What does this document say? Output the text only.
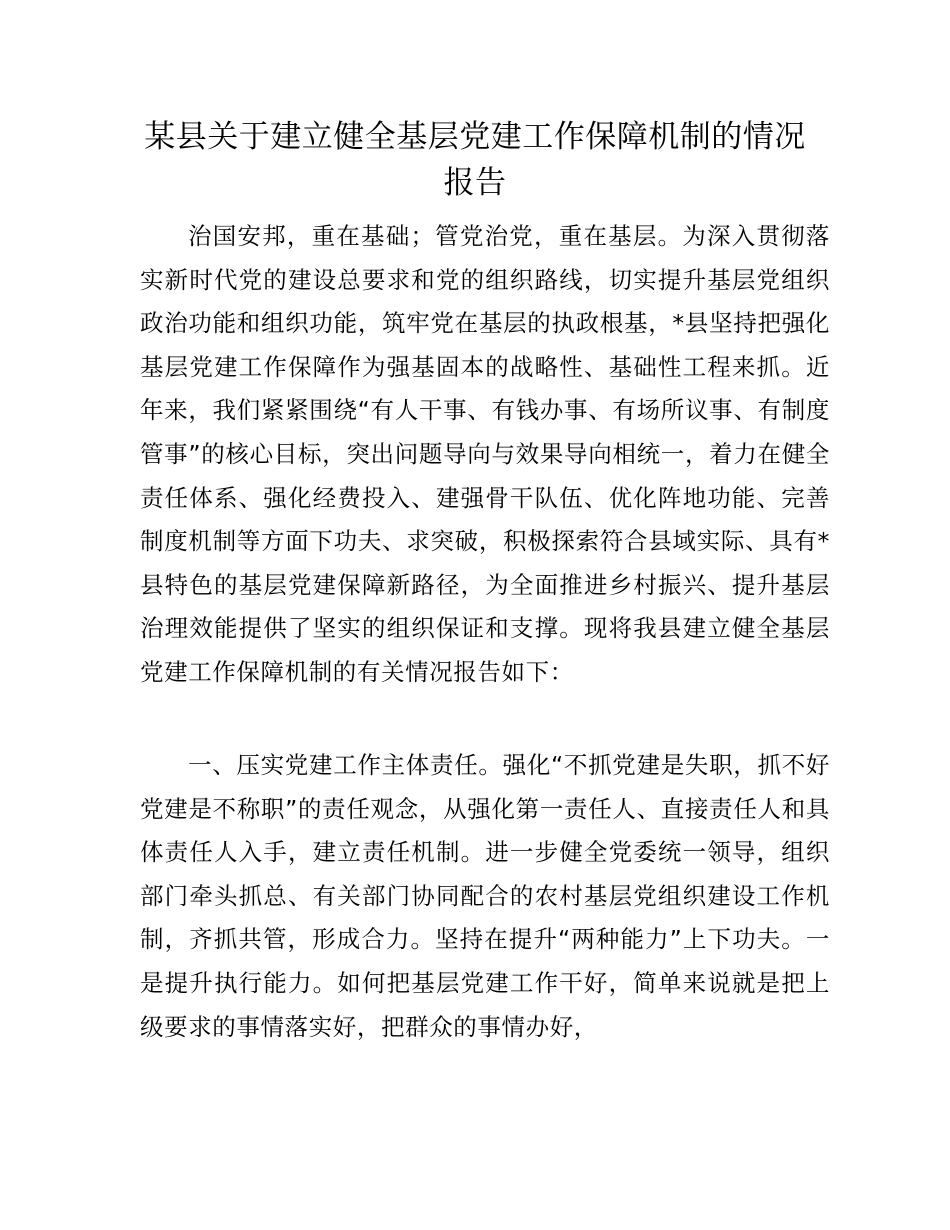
某县关于建立健全基层党建工作保障机制的情况报告

治国安邦，重在基础；管党治党，重在基层。为深入贯彻落实新时代党的建设总要求和党的组织路线，切实提升基层党组织政治功能和组织功能，筑牢党在基层的执政根基，*县坚持把强化基层党建工作保障作为强基固本的战略性、基础性工程来抓。近年来，我们紧紧围绕“有人干事、有钱办事、有场所议事、有制度管事”的核心目标，突出问题导向与效果导向相统一，着力在健全责任体系、强化经费投入、建强骨干队伍、优化阵地功能、完善制度机制等方面下功夫、求突破，积极探索符合县域实际、具有*县特色的基层党建保障新路径，为全面推进乡村振兴、提升基层治理效能提供了坚实的组织保证和支撑。现将我县建立健全基层党建工作保障机制的有关情况报告如下：

一、压实党建工作主体责任。强化“不抓党建是失职，抓不好党建是不称职”的责任观念，从强化第一责任人、直接责任人和具体责任人入手，建立责任机制。进一步健全党委统一领导，组织部门牵头抓总、有关部门协同配合的农村基层党组织建设工作机制，齐抓共管，形成合力。坚持在提升“两种能力”上下功夫。一是提升执行能力。如何把基层党建工作干好，简单来说就是把上级要求的事情落实好，把群众的事情办好，
